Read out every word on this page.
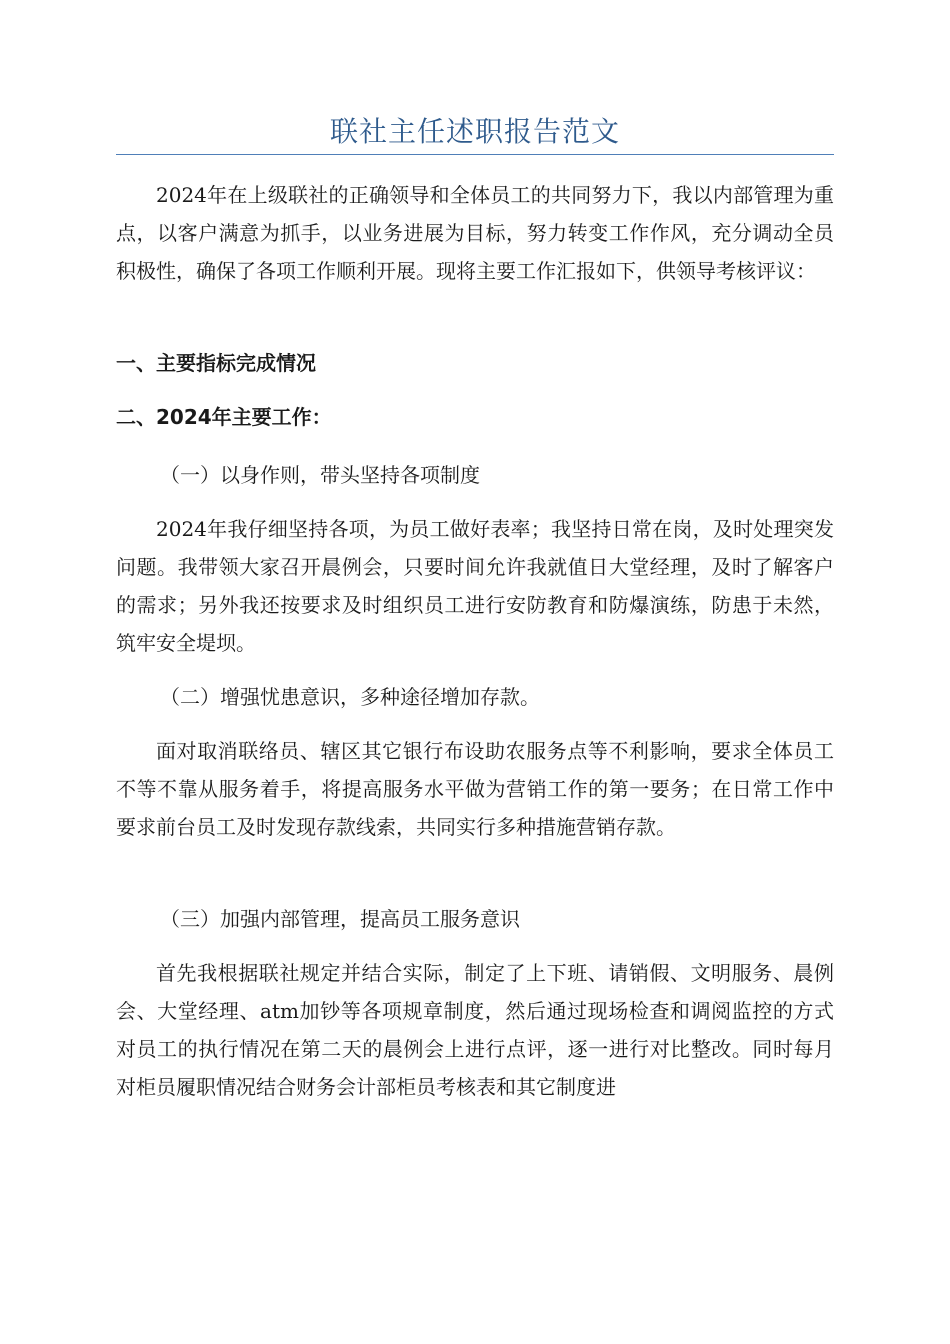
联社主任述职报告范文

2024年在上级联社的正确领导和全体员工的共同努力下，我以内部管理为重点，以客户满意为抓手，以业务进展为目标，努力转变工作作风，充分调动全员积极性，确保了各项工作顺利开展。现将主要工作汇报如下，供领导考核评议：

一、主要指标完成情况

二、2024年主要工作：

（一）以身作则，带头坚持各项制度

2024年我仔细坚持各项，为员工做好表率；我坚持日常在岗，及时处理突发问题。我带领大家召开晨例会，只要时间允许我就值日大堂经理，及时了解客户的需求；另外我还按要求及时组织员工进行安防教育和防爆演练，防患于未然，筑牢安全堤坝。

（二）增强忧患意识，多种途径增加存款。

面对取消联络员、辖区其它银行布设助农服务点等不利影响，要求全体员工不等不靠从服务着手，将提高服务水平做为营销工作的第一要务；在日常工作中要求前台员工及时发现存款线索，共同实行多种措施营销存款。

（三）加强内部管理，提高员工服务意识

首先我根据联社规定并结合实际，制定了上下班、请销假、文明服务、晨例会、大堂经理、atm加钞等各项规章制度，然后通过现场检查和调阅监控的方式对员工的执行情况在第二天的晨例会上进行点评，逐一进行对比整改。同时每月对柜员履职情况结合财务会计部柜员考核表和其它制度进
